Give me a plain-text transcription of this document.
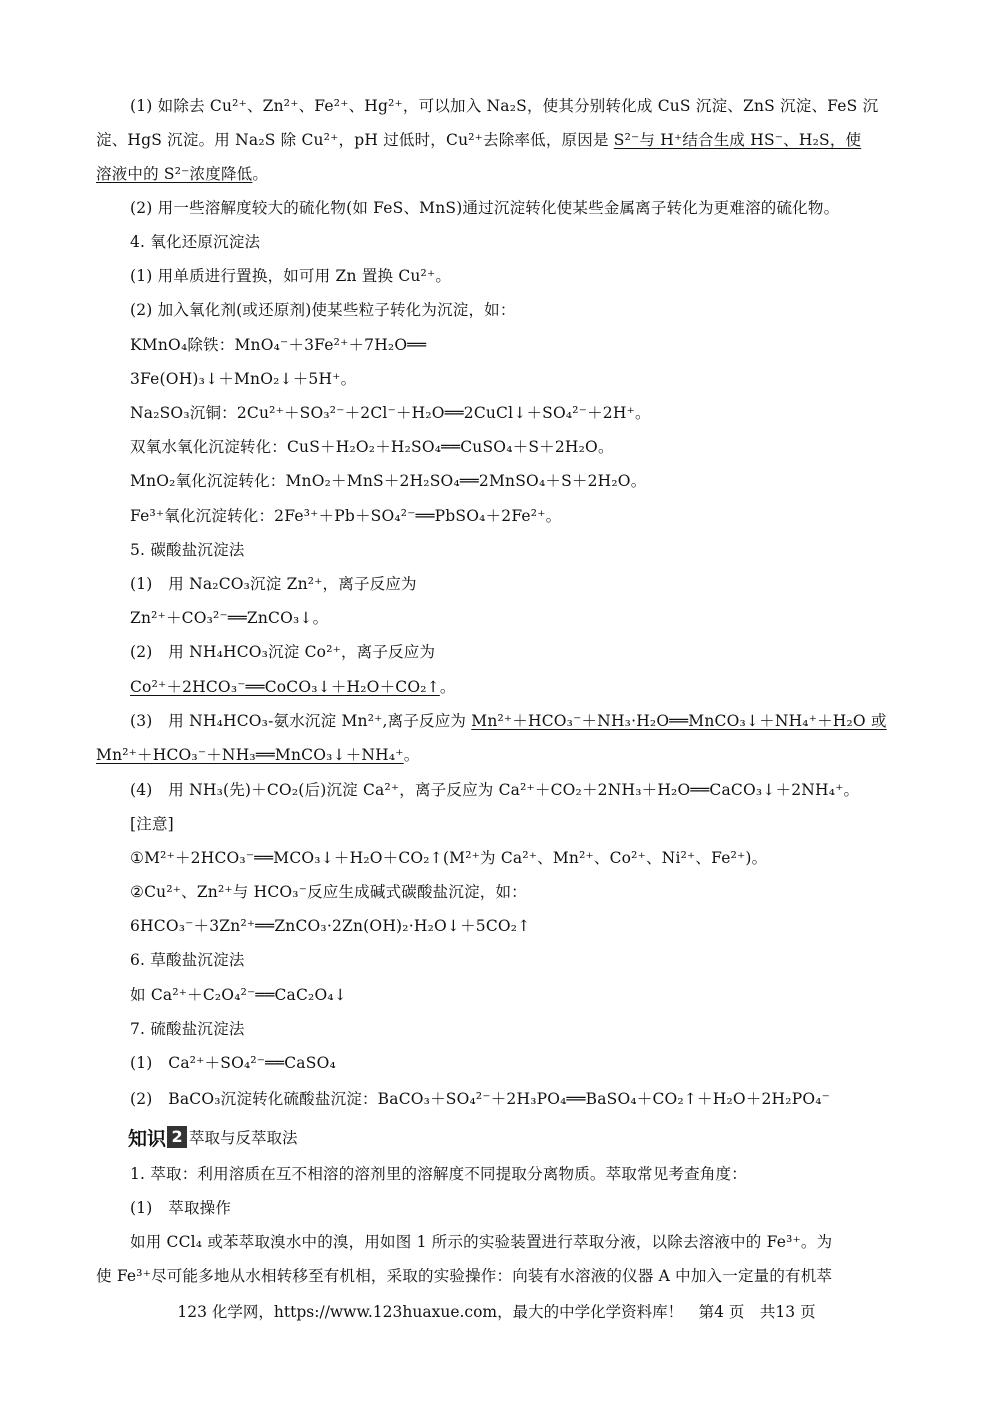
(1) 如除去 Cu²⁺、Zn²⁺、Fe²⁺、Hg²⁺，可以加入 Na₂S，使其分别转化成 CuS 沉淀、ZnS 沉淀、FeS 沉
淀、HgS 沉淀。用 Na₂S 除 Cu²⁺，pH 过低时，Cu²⁺去除率低，原因是 S²⁻与 H⁺结合生成 HS⁻、H₂S，使
溶液中的 S²⁻浓度降低。
(2) 用一些溶解度较大的硫化物(如 FeS、MnS)通过沉淀转化使某些金属离子转化为更难溶的硫化物。
4. 氧化还原沉淀法
(1) 用单质进行置换，如可用 Zn 置换 Cu²⁺。
(2) 加入氧化剂(或还原剂)使某些粒子转化为沉淀，如：
KMnO₄除铁：MnO₄⁻＋3Fe²⁺＋7H₂O══
3Fe(OH)₃↓＋MnO₂↓＋5H⁺。
Na₂SO₃沉铜：2Cu²⁺＋SO₃²⁻＋2Cl⁻＋H₂O══2CuCl↓＋SO₄²⁻＋2H⁺。
双氧水氧化沉淀转化：CuS＋H₂O₂＋H₂SO₄══CuSO₄＋S＋2H₂O。
MnO₂氧化沉淀转化：MnO₂＋MnS＋2H₂SO₄══2MnSO₄＋S＋2H₂O。
Fe³⁺氧化沉淀转化：2Fe³⁺＋Pb＋SO₄²⁻══PbSO₄＋2Fe²⁺。
5. 碳酸盐沉淀法
(1)　用 Na₂CO₃沉淀 Zn²⁺，离子反应为
Zn²⁺＋CO₃²⁻══ZnCO₃↓。
(2)　用 NH₄HCO₃沉淀 Co²⁺，离子反应为
Co²⁺＋2HCO₃⁻══CoCO₃↓＋H₂O＋CO₂↑。
(3)　用 NH₄HCO₃-氨水沉淀 Mn²⁺,离子反应为 Mn²⁺＋HCO₃⁻＋NH₃·H₂O══MnCO₃↓＋NH₄⁺＋H₂O 或
Mn²⁺＋HCO₃⁻＋NH₃══MnCO₃↓＋NH₄⁺。
(4)　用 NH₃(先)＋CO₂(后)沉淀 Ca²⁺，离子反应为 Ca²⁺＋CO₂＋2NH₃＋H₂O══CaCO₃↓＋2NH₄⁺。
[注意]
①M²⁺＋2HCO₃⁻══MCO₃↓＋H₂O＋CO₂↑(M²⁺为 Ca²⁺、Mn²⁺、Co²⁺、Ni²⁺、Fe²⁺)。
②Cu²⁺、Zn²⁺与 HCO₃⁻反应生成碱式碳酸盐沉淀，如：
6HCO₃⁻＋3Zn²⁺══ZnCO₃·2Zn(OH)₂·H₂O↓＋5CO₂↑
6. 草酸盐沉淀法
如 Ca²⁺＋C₂O₄²⁻══CaC₂O₄↓
7. 硫酸盐沉淀法
(1)　Ca²⁺＋SO₄²⁻══CaSO₄
(2)　BaCO₃沉淀转化硫酸盐沉淀：BaCO₃＋SO₄²⁻＋2H₃PO₄══BaSO₄＋CO₂↑＋H₂O＋2H₂PO₄⁻
知识 2 萃取与反萃取法
1. 萃取：利用溶质在互不相溶的溶剂里的溶解度不同提取分离物质。萃取常见考查角度：
(1)　萃取操作
如用 CCl₄ 或苯萃取溴水中的溴，用如图 1 所示的实验装置进行萃取分液，以除去溶液中的 Fe³⁺。为
使 Fe³⁺尽可能多地从水相转移至有机相，采取的实验操作：向装有水溶液的仪器 A 中加入一定量的有机萃
123 化学网，https://www.123huaxue.com，最大的中学化学资料库！　第4 页　共13 页
